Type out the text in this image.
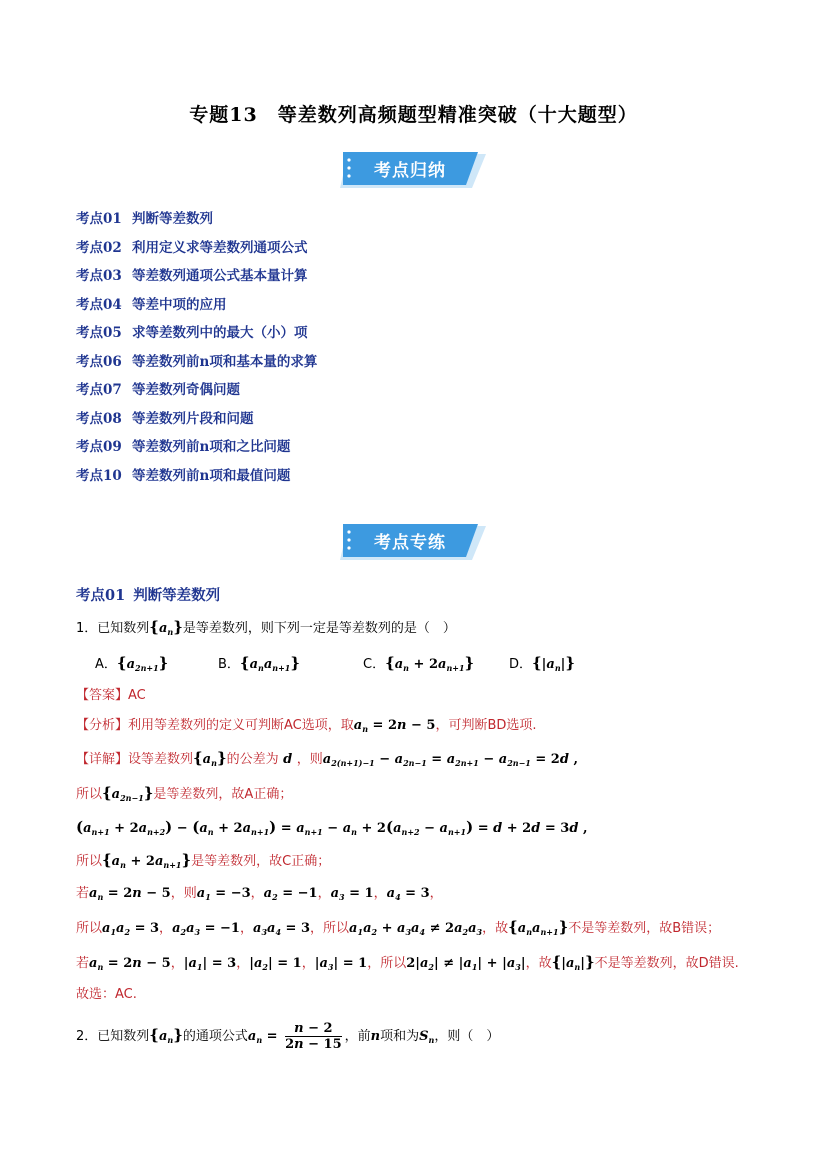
专题13　等差数列高频题型精准突破（十大题型）
考点归纳
考点01 判断等差数列
考点02 利用定义求等差数列通项公式
考点03 等差数列通项公式基本量计算
考点04 等差中项的应用
考点05 求等差数列中的最大（小）项
考点06 等差数列前n项和基本量的求算
考点07 等差数列奇偶问题
考点08 等差数列片段和问题
考点09 等差数列前n项和之比问题
考点10 等差数列前n项和最值问题
考点专练
考点01 判断等差数列
1．已知数列$\{a_n\}$是等差数列，则下列一定是等差数列的是（　）
A．$\{a_{2n+1}\}$	B．$\{a_na_{n+1}\}$	C．$\{a_n + 2a_{n+1}\}$	D．$\{|a_n|\}$
【答案】AC
【分析】利用等差数列的定义可判断AC选项，取$a_n = 2n - 5$，可判断BD选项.
【详解】设等差数列$\{a_n\}$的公差为 d ，则$a_{2(n+1)-1} - a_{2n-1} = a_{2n+1} - a_{2n-1} = 2d$ ,
所以$\{a_{2n-1}\}$是等差数列，故A正确；
$(a_{n+1} + 2a_{n+2}) - (a_n + 2a_{n+1}) = a_{n+1} - a_n + 2(a_{n+2} - a_{n+1}) = d + 2d = 3d$ ,
所以$\{a_n + 2a_{n+1}\}$是等差数列，故C正确；
若$a_n = 2n - 5$，则$a_1 = -3$，$a_2 = -1$，$a_3 = 1$，$a_4 = 3$，
所以$a_1a_2 = 3$，$a_2a_3 = -1$，$a_3a_4 = 3$，所以$a_1a_2 + a_3a_4 \ne 2a_2a_3$，故$\{a_na_{n+1}\}$不是等差数列，故B错误；
若$a_n = 2n - 5$，$|a_1| = 3$，$|a_2| = 1$，$|a_3| = 1$，所以$2|a_2| \ne |a_1| + |a_3|$，故$\{|a_n|\}$不是等差数列，故D错误.
故选：AC.
2．已知数列$\{a_n\}$的通项公式$a_n = \frac{n - 2}{2n - 15}$ ，前n项和为$S_n$，则（　）
